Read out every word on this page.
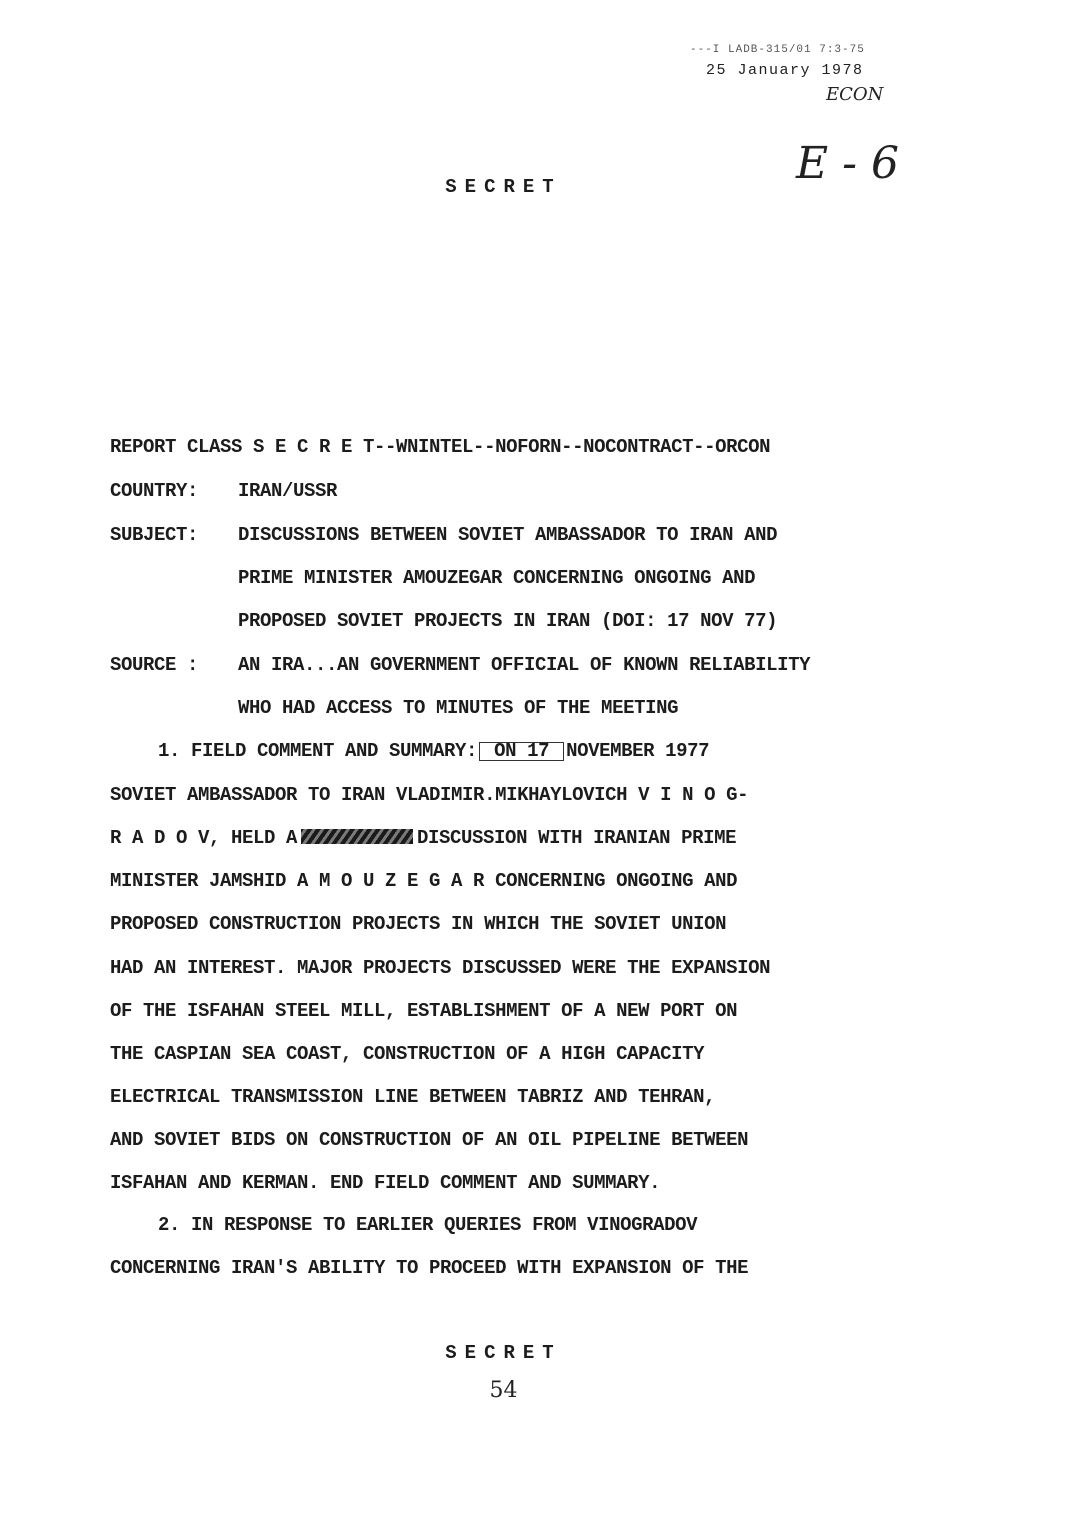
---I LADB-315/01 7:3-75
25 January 1978
ECON
E - 6
SECRET
REPORT CLASS S E C R E T--WNINTEL--NOFORN--NOCONTRACT--ORCON
COUNTRY: IRAN/USSR
SUBJECT: DISCUSSIONS BETWEEN SOVIET AMBASSADOR TO IRAN AND
PRIME MINISTER AMOUZEGAR CONCERNING ONGOING AND
PROPOSED SOVIET PROJECTS IN IRAN (DOI: 17 NOV 77)
SOURCE : AN IRA...AN GOVERNMENT OFFICIAL OF KNOWN RELIABILITY
WHO HAD ACCESS TO MINUTES OF THE MEETING
1. FIELD COMMENT AND SUMMARY: ON 17 NOVEMBER 1977
SOVIET AMBASSADOR TO IRAN VLADIMIR.MIKHAYLOVICH V I N O G-
R A D O V, HELD A	DISCUSSION WITH IRANIAN PRIME
MINISTER JAMSHID A M O U Z E G A R CONCERNING ONGOING AND
PROPOSED CONSTRUCTION PROJECTS IN WHICH THE SOVIET UNION
HAD AN INTEREST. MAJOR PROJECTS DISCUSSED WERE THE EXPANSION
OF THE ISFAHAN STEEL MILL, ESTABLISHMENT OF A NEW PORT ON
THE CASPIAN SEA COAST, CONSTRUCTION OF A HIGH CAPACITY
ELECTRICAL TRANSMISSION LINE BETWEEN TABRIZ AND TEHRAN,
AND SOVIET BIDS ON CONSTRUCTION OF AN OIL PIPELINE BETWEEN
ISFAHAN AND KERMAN. END FIELD COMMENT AND SUMMARY.
2. IN RESPONSE TO EARLIER QUERIES FROM VINOGRADOV
CONCERNING IRAN'S ABILITY TO PROCEED WITH EXPANSION OF THE
SECRET
54
